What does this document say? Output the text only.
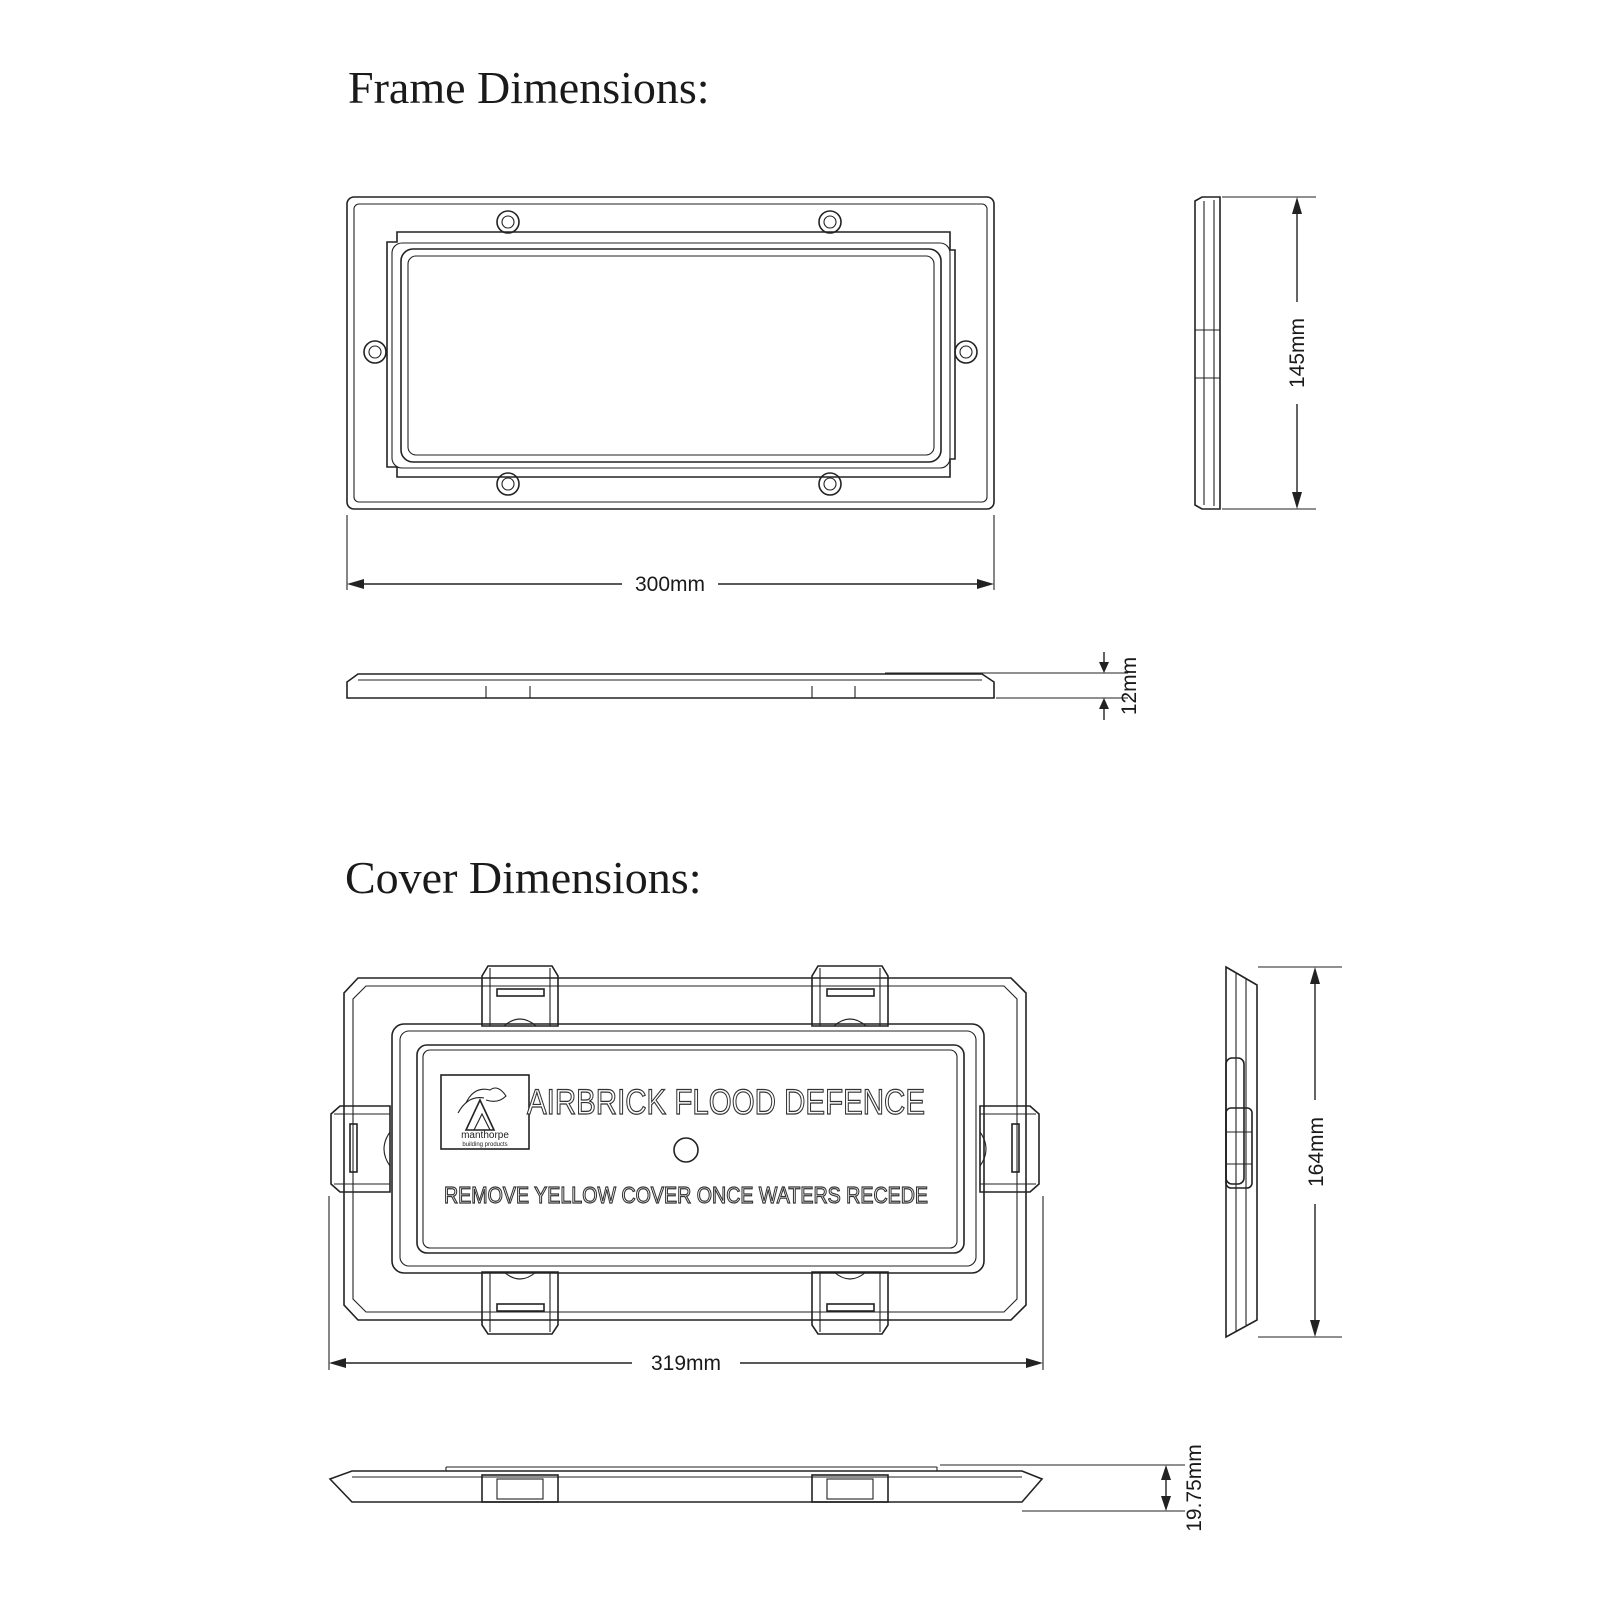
Frame Dimensions:
Cover Dimensions:
300mm
145mm
12mm
manthorpe
building products
AIRBRICK FLOOD DEFENCE
REMOVE YELLOW COVER ONCE WATERS RECEDE
319mm
164mm
19.75mm
